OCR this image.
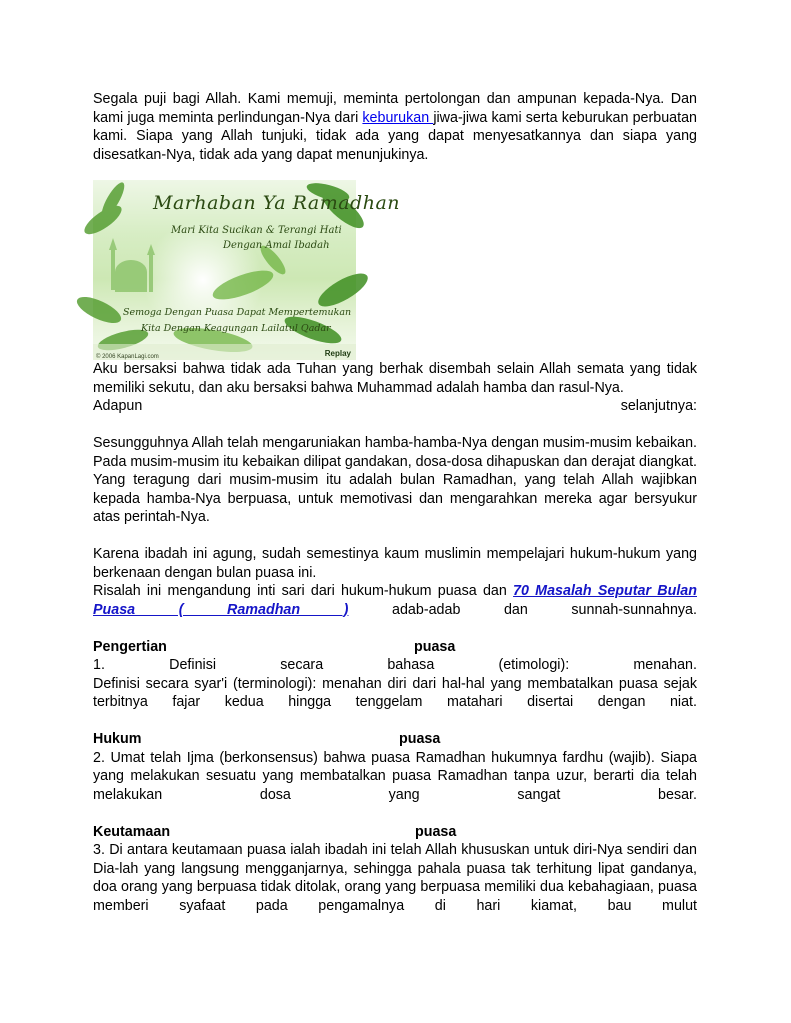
Segala puji bagi Allah. Kami memuji, meminta pertolongan dan ampunan kepada-Nya. Dan kami juga meminta perlindungan-Nya dari keburukan jiwa-jiwa kami serta keburukan perbuatan kami. Siapa yang Allah tunjuki, tidak ada yang dapat menyesatkannya dan siapa yang disesatkan-Nya, tidak ada yang dapat menunjukinya.

Marhaban Ya Ramadhan
Mari Kita Sucikan & Terangi Hati
Dengan Amal Ibadah
Semoga Dengan Puasa Dapat Mempertemukan
Kita Dengan Keagungan Lailatul Qadar
© 2006 KapanLagi.com	Replay

Aku bersaksi bahwa tidak ada Tuhan yang berhak disembah selain Allah semata yang tidak memiliki sekutu, dan aku bersaksi bahwa Muhammad adalah hamba dan rasul-Nya.

Adapun	selanjutnya:

Sesungguhnya Allah telah mengaruniakan hamba-hamba-Nya dengan musim-musim kebaikan. Pada musim-musim itu kebaikan dilipat gandakan, dosa-dosa dihapuskan dan derajat diangkat. Yang teragung dari musim-musim itu adalah bulan Ramadhan, yang telah Allah wajibkan kepada hamba-Nya berpuasa, untuk memotivasi dan mengarahkan mereka agar bersyukur atas perintah-Nya.

Karena ibadah ini agung, sudah semestinya kaum muslimin mempelajari hukum-hukum yang berkenaan dengan bulan puasa ini.

Risalah ini mengandung inti sari dari hukum-hukum puasa dan 70 Masalah Seputar Bulan Puasa ( Ramadhan ) adab-adab dan sunnah-sunnahnya.

Pengertian	puasa
1.	Definisi	secara	bahasa	(etimologi):	menahan.

Definisi secara syar'i (terminologi): menahan diri dari hal-hal yang membatalkan puasa sejak terbitnya fajar kedua hingga tenggelam matahari disertai dengan niat.

Hukum	puasa

2. Umat telah Ijma (berkonsensus) bahwa puasa Ramadhan hukumnya fardhu (wajib). Siapa yang melakukan sesuatu yang membatalkan puasa Ramadhan tanpa uzur, berarti dia telah melakukan dosa yang sangat besar.

Keutamaan	puasa

3. Di antara keutamaan puasa ialah ibadah ini telah Allah khususkan untuk diri-Nya sendiri dan Dia-lah yang langsung mengganjarnya, sehingga pahala puasa tak terhitung lipat gandanya, doa orang yang berpuasa tidak ditolak, orang yang berpuasa memiliki dua kebahagiaan, puasa memberi syafaat pada pengamalnya di hari kiamat, bau mulut
